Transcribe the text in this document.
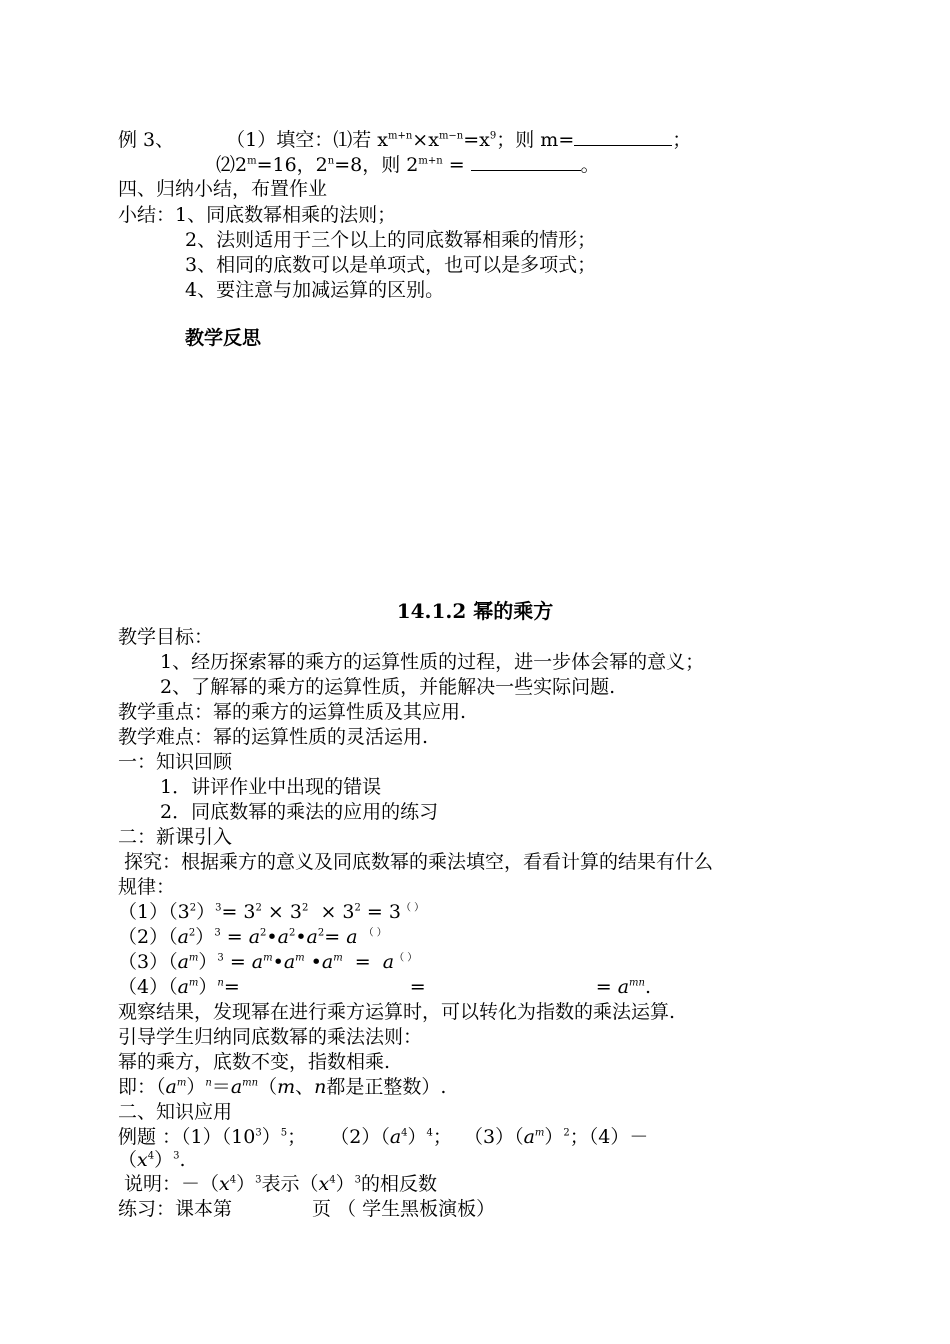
例 3、	（1）填空：⑴若 $x^{m+n}\times x^{m-n}=x^9$；则 m=	；
$⑵2^m=16$，$2^n=8$，则 $2^{m+n}$ =	。
四、归纳小结，布置作业
小结：1、同底数幂相乘的法则；
2、法则适用于三个以上的同底数幂相乘的情形；
3、相同的底数可以是单项式，也可以是多项式；
4、要注意与加减运算的区别。
教学反思
14.1.2 幂的乘方
教学目标：
1、经历探索幂的乘方的运算性质的过程，进一步体会幂的意义；
2、了解幂的乘方的运算性质，并能解决一些实际问题.
教学重点：幂的乘方的运算性质及其应用.
教学难点：幂的运算性质的灵活运用.
一：知识回顾
1．讲评作业中出现的错误
2．同底数幂的乘法的应用的练习
二：新课引入
探究：根据乘方的意义及同底数幂的乘法填空，看看计算的结果有什么
规律：
$(1)(3^2)^3= 3^2 \times 3^2 \times 3^2 = 3^{( )}$
$(2)(a^2)^3$ = $a^2•a^2•a^2= a$ （ ）
$(3)(a^m)^3$ = $a^m•a^m$ $•a^m = a^{( )}$
$(4)(a^m)^n=$	=	= $a^{mn}$.
观察结果，发现幂在进行乘方运算时，可以转化为指数的乘法运算.
引导学生归纳同底数幂的乘法法则：
幂的乘方，底数不变，指数相乘.
即：$(a^m)^n=a^{mn}(m$、n都是正整数）.
二、知识应用
例题 ：$(1)(10^3)^5$；    $(2)(a^4)^4$；  $(3)(a^m)^2$；（4）－
$(x^4)^3$.
说明：$-(x^4)^3$表示$(x^4)^3$的相反数
练习：课本第	页 （ 学生黑板演板）
